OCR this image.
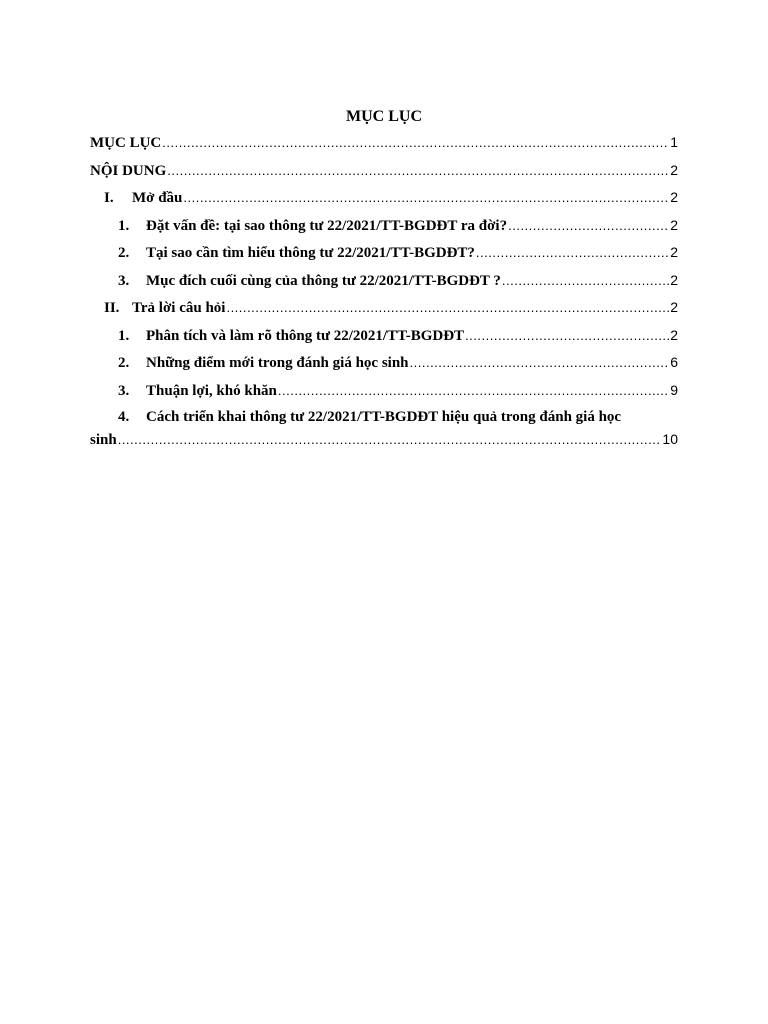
MỤC LỤC
MỤC LỤC .....	1
NỘI DUNG .....	2
I.	Mở đầu .....	2
1.	Đặt vấn đề: tại sao thông tư 22/2021/TT-BGDĐT ra đời? .....	2
2.	Tại sao cần tìm hiểu thông tư 22/2021/TT-BGDĐT? .....	2
3.	Mục đích cuối cùng của thông tư 22/2021/TT-BGDĐT ? .....	2
II. Trả lời câu hỏi .....	2
1.	Phân tích và làm rõ thông tư 22/2021/TT-BGDĐT .....	2
2.	Những điểm mới trong đánh giá học sinh .....	6
3.	Thuận lợi, khó khăn .....	9
4.	Cách triển khai thông tư 22/2021/TT-BGDĐT hiệu quả trong đánh giá học
sinh .....	10
